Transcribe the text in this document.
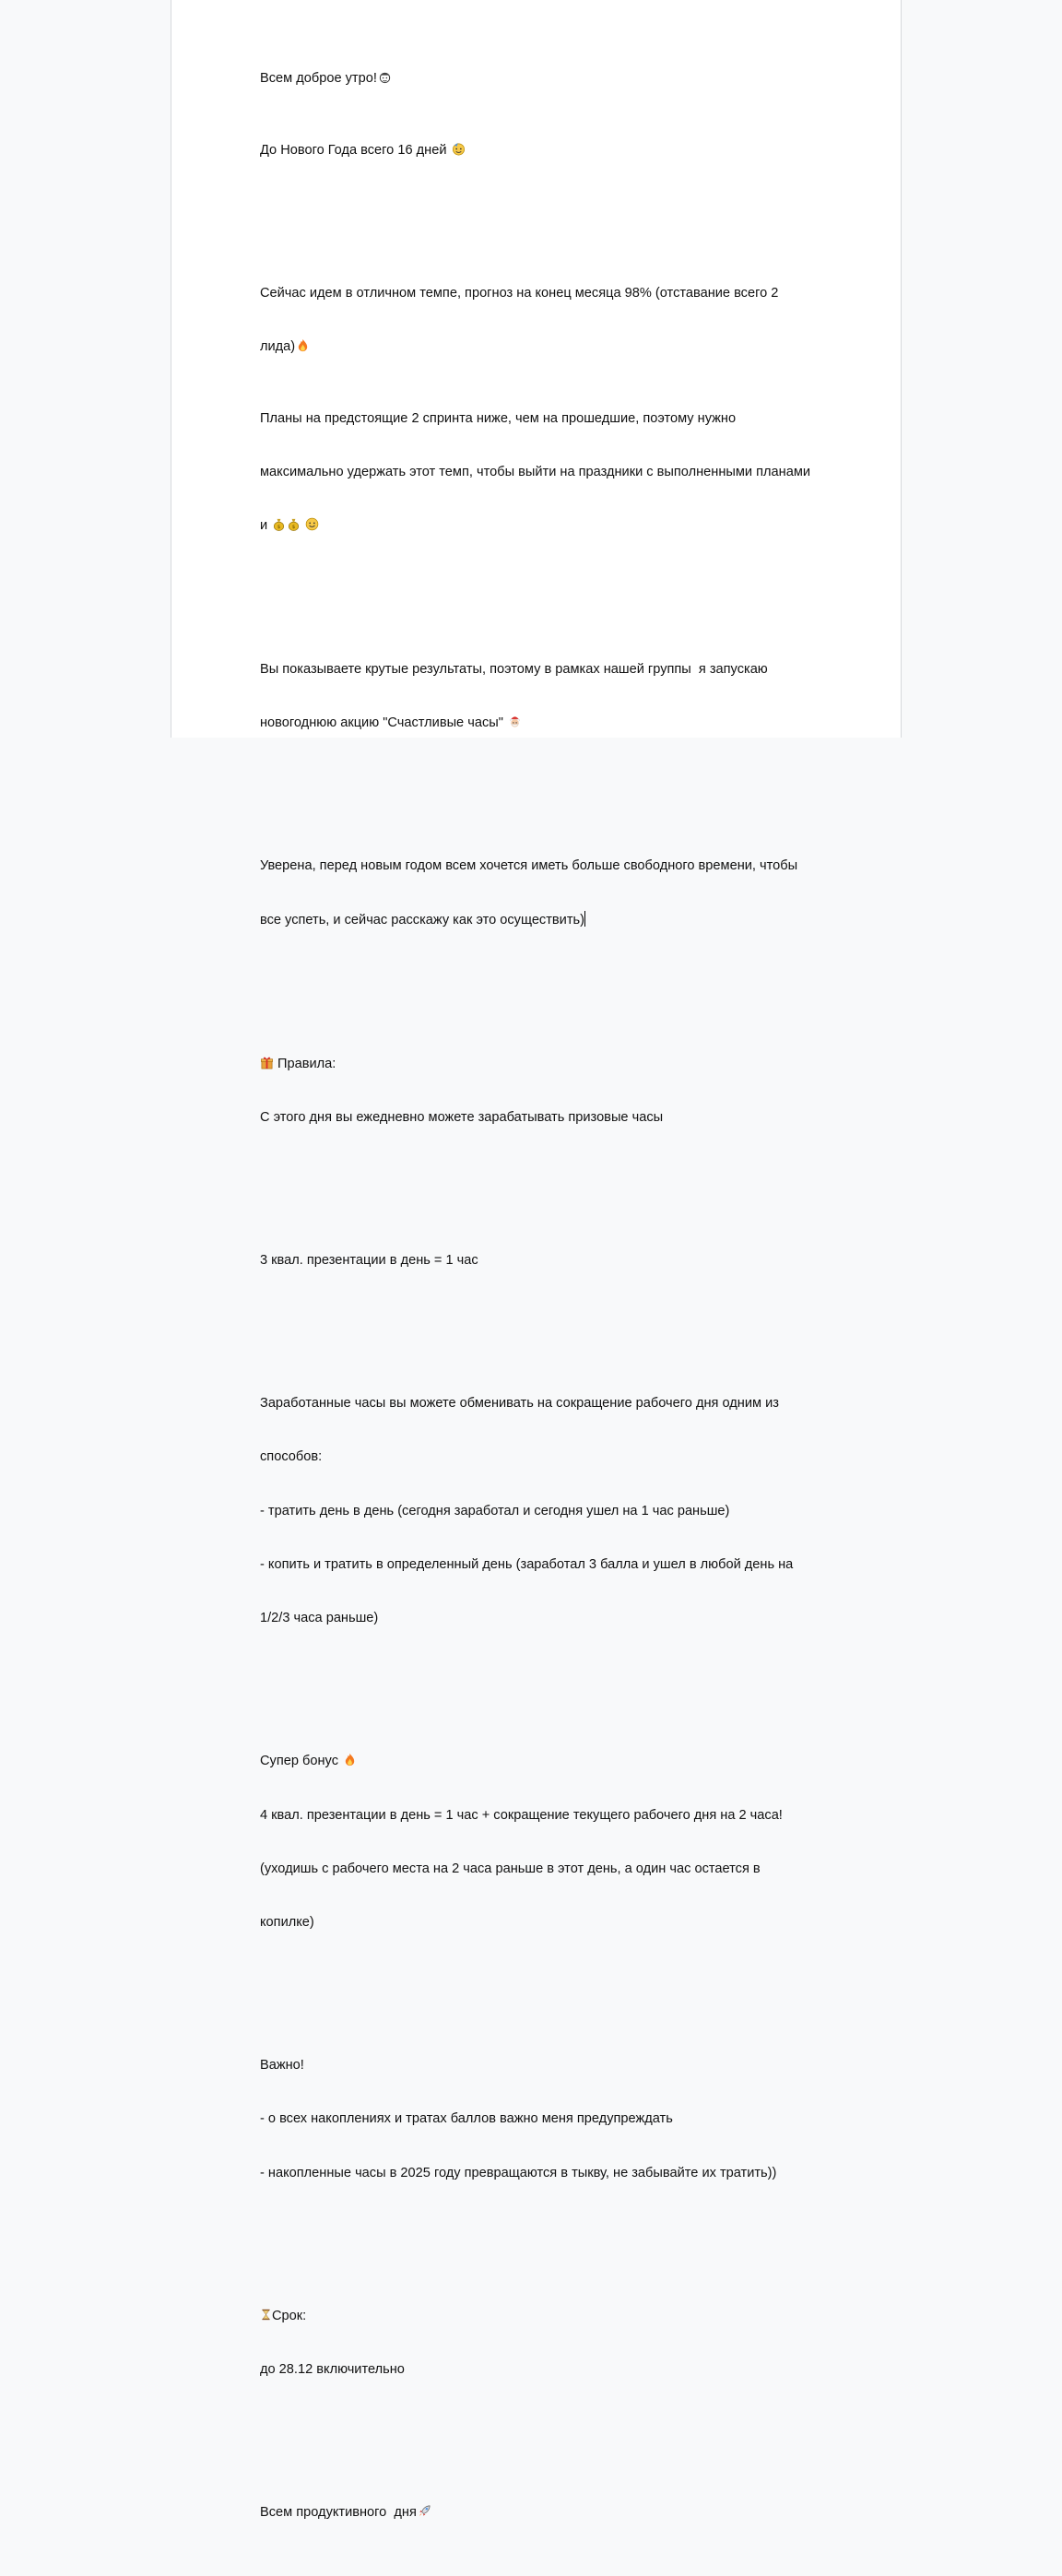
Всем доброе утро!

До Нового Года всего 16 дней

Сейчас идем в отличном темпе, прогноз на конец месяца 98% (отставание всего 2

лида)

Планы на предстоящие 2 спринта ниже, чем на прошедшие, поэтому нужно

максимально удержать этот темп, чтобы выйти на праздники с выполненными планами

и $ $

Вы показываете крутые результаты, поэтому в рамках нашей группы  я запускаю

новогоднюю акцию "Счастливые часы"

Уверена, перед новым годом всем хочется иметь больше свободного времени, чтобы

все успеть, и сейчас расскажу как это осуществить)

Правила:

С этого дня вы ежедневно можете зарабатывать призовые часы

3 квал. презентации в день = 1 час

Заработанные часы вы можете обменивать на сокращение рабочего дня одним из

способов:

- тратить день в день (сегодня заработал и сегодня ушел на 1 час раньше)

- копить и тратить в определенный день (заработал 3 балла и ушел в любой день на

1/2/3 часа раньше)

Супер бонус

4 квал. презентации в день = 1 час + сокращение текущего рабочего дня на 2 часа!

(уходишь с рабочего места на 2 часа раньше в этот день, а один час остается в

копилке)

Важно!

- о всех накоплениях и тратах баллов важно меня предупреждать

- накопленные часы в 2025 году превращаются в тыкву, не забывайте их тратить))

Срок:

до 28.12 включительно

Всем продуктивного  дня
